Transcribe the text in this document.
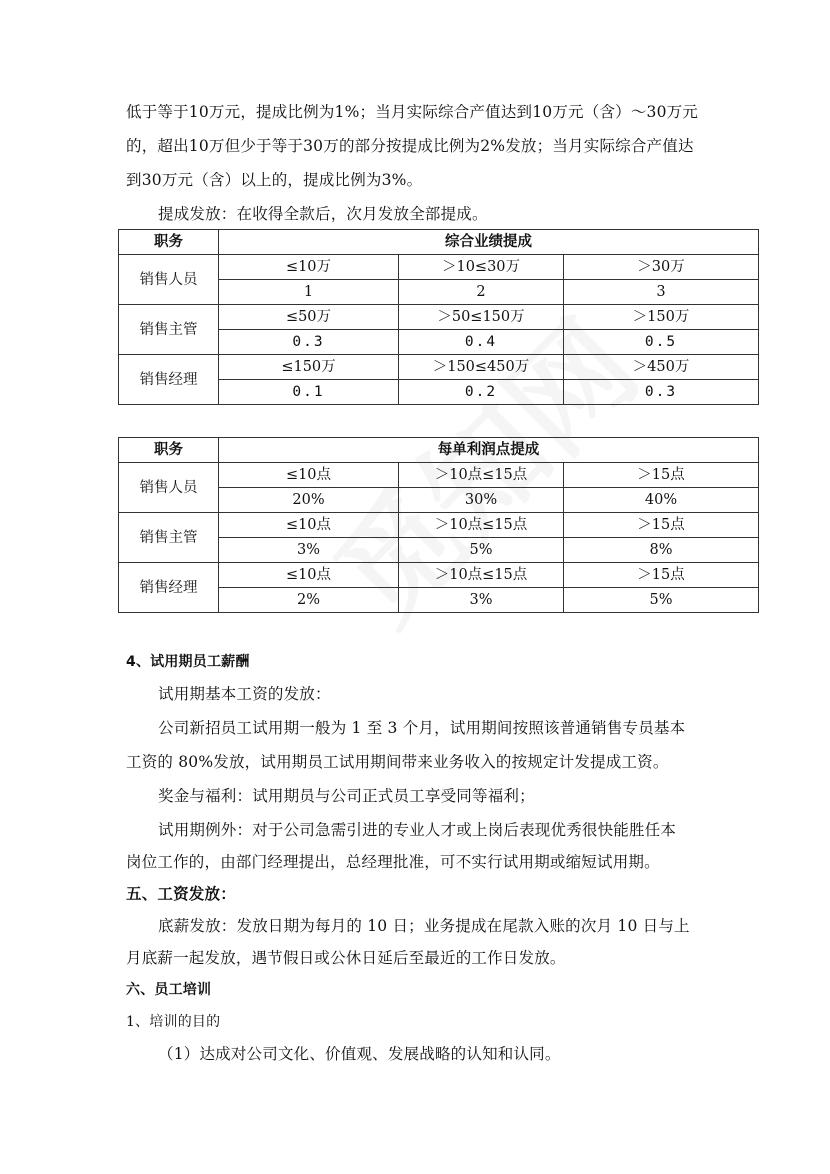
低于等于10万元，提成比例为1%；当月实际综合产值达到10万元（含）～30万元
的，超出10万但少于等于30万的部分按提成比例为2%发放；当月实际综合产值达
到30万元（含）以上的，提成比例为3%。
提成发放：在收得全款后，次月发放全部提成。
职务	综合业绩提成		
销售人员	≤10万	＞10≤30万	＞30万
	1	2	3
销售主管	≤50万	＞50≤150万	＞150万
	0.3	0.4	0.5
销售经理	≤150万	＞150≤450万	＞450万
	0.1	0.2	0.3
职务	每单利润点提成		
销售人员	≤10点	＞10点≤15点	＞15点
	20%	30%	40%
销售主管	≤10点	＞10点≤15点	＞15点
	3%	5%	8%
销售经理	≤10点	＞10点≤15点	＞15点
	2%	3%	5%
4、试用期员工薪酬
试用期基本工资的发放：
公司新招员工试用期一般为 1 至 3 个月，试用期间按照该普通销售专员基本
工资的 80%发放，试用期员工试用期间带来业务收入的按规定计发提成工资。
奖金与福利：试用期员与公司正式员工享受同等福利；
试用期例外：对于公司急需引进的专业人才或上岗后表现优秀很快能胜任本
岗位工作的，由部门经理提出，总经理批准，可不实行试用期或缩短试用期。
五、工资发放：
底薪发放：发放日期为每月的 10 日；业务提成在尾款入账的次月 10 日与上
月底薪一起发放，遇节假日或公休日延后至最近的工作日发放。
六、员工培训
1、培训的目的
（1）达成对公司文化、价值观、发展战略的认知和认同。
